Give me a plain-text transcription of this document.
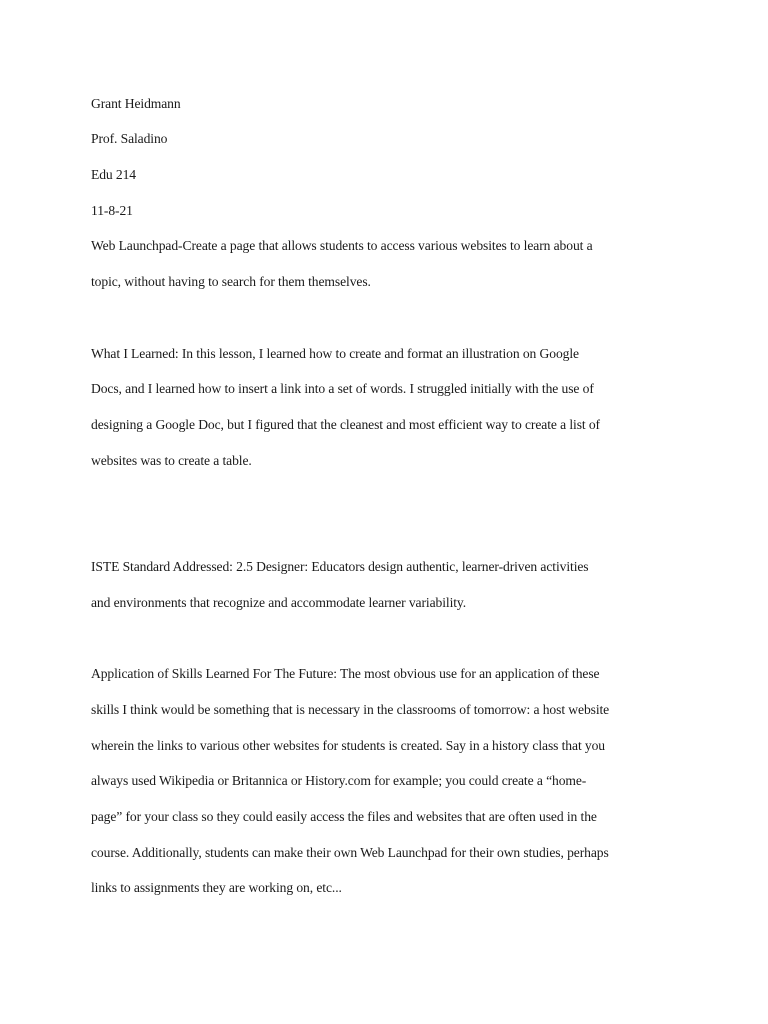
Grant Heidmann
Prof. Saladino
Edu 214
11-8-21
Web Launchpad-Create a page that allows students to access various websites to learn about a
topic, without having to search for them themselves.
What I Learned: In this lesson, I learned how to create and format an illustration on Google
Docs, and I learned how to insert a link into a set of words. I struggled initially with the use of
designing a Google Doc, but I figured that the cleanest and most efficient way to create a list of
websites was to create a table.
ISTE Standard Addressed: 2.5 Designer: Educators design authentic, learner-driven activities
and environments that recognize and accommodate learner variability.
Application of Skills Learned For The Future: The most obvious use for an application of these
skills I think would be something that is necessary in the classrooms of tomorrow: a host website
wherein the links to various other websites for students is created. Say in a history class that you
always used Wikipedia or Britannica or History.com for example; you could create a “home-
page” for your class so they could easily access the files and websites that are often used in the
course. Additionally, students can make their own Web Launchpad for their own studies, perhaps
links to assignments they are working on, etc...
